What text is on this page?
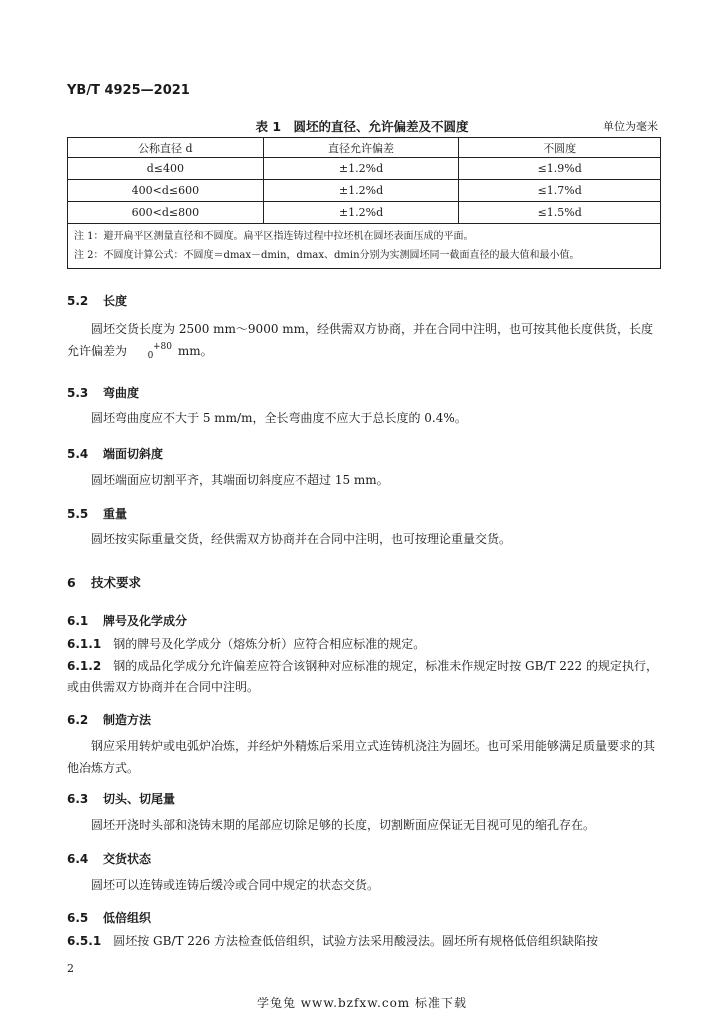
YB/T 4925—2021
表 1　圆坯的直径、允许偏差及不圆度	单位为毫米
公称直径 d	直径允许偏差	不圆度
d≤400	±1.2%d	≤1.9%d
400<d≤600	±1.2%d	≤1.7%d
600<d≤800	±1.2%d	≤1.5%d

注 1：避开扁平区测量直径和不圆度。扁平区指连铸过程中拉坯机在圆坯表面压成的平面。
注 2：不圆度计算公式：不圆度＝dmax－dmin，dmax、dmin分别为实测圆坯同一截面直径的最大值和最小值。		
5.2 长度
圆坯交货长度为 2500 mm～9000 mm，经供需双方协商，并在合同中注明，也可按其他长度供货，长度允许偏差为	+80
0 mm。
5.3 弯曲度
圆坯弯曲度应不大于 5 mm/m，全长弯曲度不应大于总长度的 0.4%。
5.4 端面切斜度
圆坯端面应切割平齐，其端面切斜度应不超过 15 mm。
5.5 重量
圆坯按实际重量交货，经供需双方协商并在合同中注明，也可按理论重量交货。
6 技术要求
6.1 牌号及化学成分
6.1.1　 钢的牌号及化学成分（熔炼分析）应符合相应标准的规定。
6.1.2　 钢的成品化学成分允许偏差应符合该钢种对应标准的规定，标准未作规定时按 GB/T 222 的规定执行，或由供需双方协商并在合同中注明。
6.2 制造方法
钢应采用转炉或电弧炉冶炼，并经炉外精炼后采用立式连铸机浇注为圆坯。也可采用能够满足质量要求的其他冶炼方式。
6.3 切头、切尾量
圆坯开浇时头部和浇铸末期的尾部应切除足够的长度，切割断面应保证无目视可见的缩孔存在。
6.4 交货状态
圆坯可以连铸或连铸后缓冷或合同中规定的状态交货。
6.5 低倍组织
6.5.1　 圆坯按 GB/T 226 方法检查低倍组织，试验方法采用酸浸法。圆坯所有规格低倍组织缺陷按
2
学兔兔 www.bzfxw.com 标准下载
